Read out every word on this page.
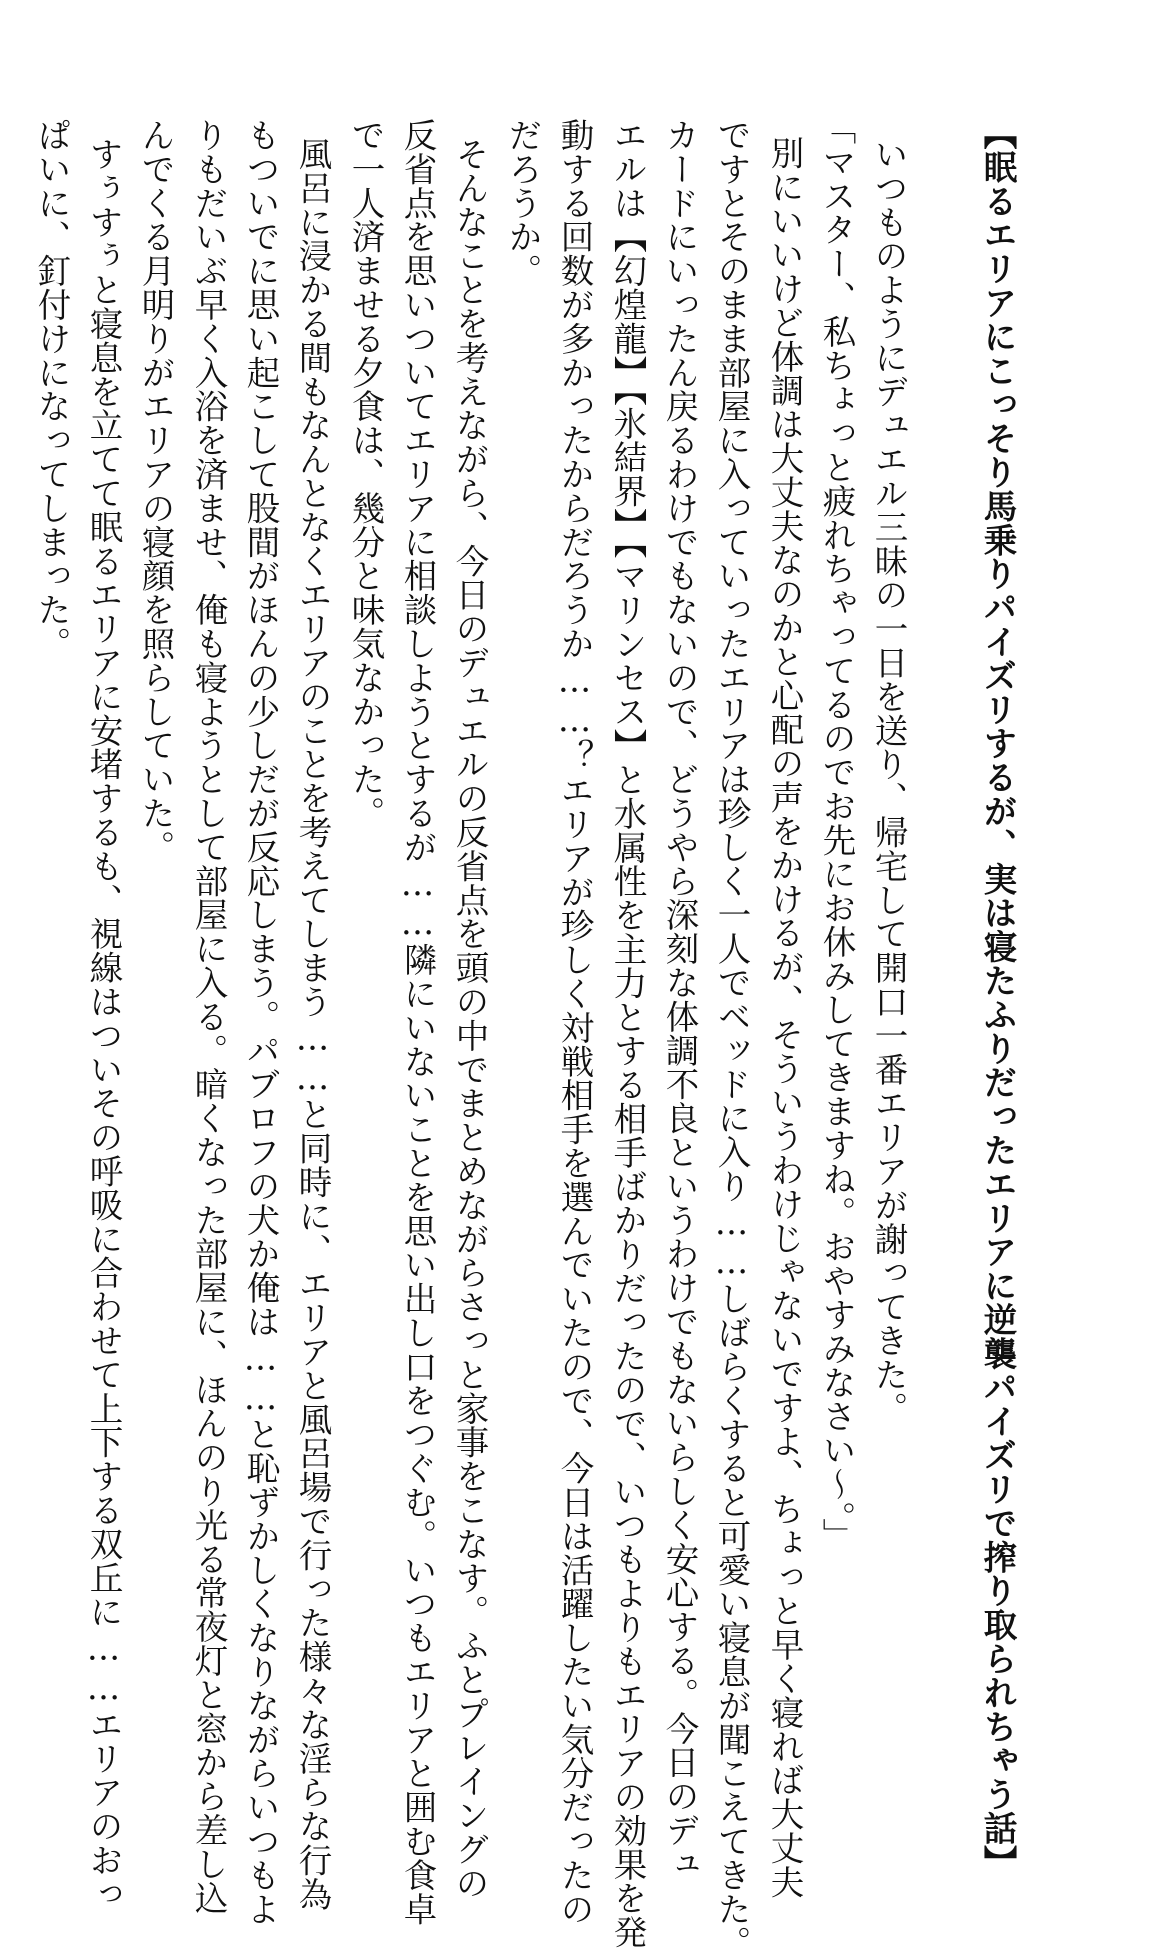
【眠るエリアにこっそり馬乗りパイズリするが、実は寝たふりだったエリアに逆襲パイズリで搾り取られちゃう話】
いつものようにデュエル三昧の一日を送り、帰宅して開口一番エリアが謝ってきた。
「マスター、私ちょっと疲れちゃってるのでお先にお休みしてきますね。おやすみなさい〜。」
別にいいけど体調は大丈夫なのかと心配の声をかけるが、そういうわけじゃないですよ、ちょっと早く寝れば大丈夫
ですとそのまま部屋に入っていったエリアは珍しく一人でベッドに入り……しばらくすると可愛い寝息が聞こえてきた。
カードにいったん戻るわけでもないので、どうやら深刻な体調不良というわけでもないらしく安心する。今日のデュ
エルは【幻煌龍】【氷結界】【マリンセス】と水属性を主力とする相手ばかりだったので、いつもよりもエリアの効果を発
動する回数が多かったからだろうか……？エリアが珍しく対戦相手を選んでいたので、今日は活躍したい気分だったの
だろうか。
そんなことを考えながら、今日のデュエルの反省点を頭の中でまとめながらさっと家事をこなす。ふとプレイングの
反省点を思いついてエリアに相談しようとするが……隣にいないことを思い出し口をつぐむ。いつもエリアと囲む食卓
で一人済ませる夕食は、幾分と味気なかった。
風呂に浸かる間もなんとなくエリアのことを考えてしまう……と同時に、エリアと風呂場で行った様々な淫らな行為
もついでに思い起こして股間がほんの少しだが反応しまう。パブロフの犬か俺は……と恥ずかしくなりながらいつもよ
りもだいぶ早く入浴を済ませ、俺も寝ようとして部屋に入る。暗くなった部屋に、ほんのり光る常夜灯と窓から差し込
んでくる月明りがエリアの寝顔を照らしていた。
すぅすぅと寝息を立てて眠るエリアに安堵するも、視線はついその呼吸に合わせて上下する双丘に……エリアのおっ
ぱいに、釘付けになってしまった。
